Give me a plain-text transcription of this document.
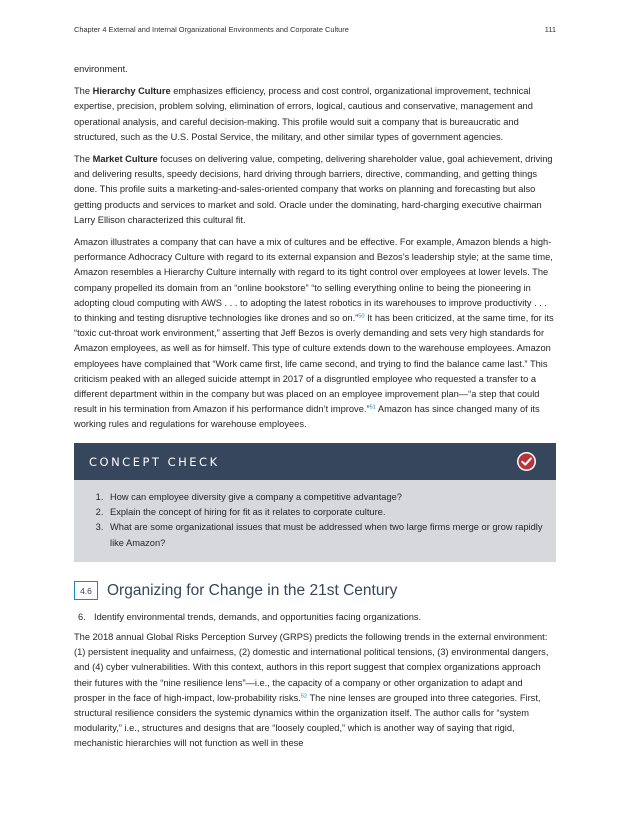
Chapter 4 External and Internal Organizational Environments and Corporate Culture	111

environment.

The Hierarchy Culture emphasizes efficiency, process and cost control, organizational improvement, technical expertise, precision, problem solving, elimination of errors, logical, cautious and conservative, management and operational analysis, and careful decision-making. This profile would suit a company that is bureaucratic and structured, such as the U.S. Postal Service, the military, and other similar types of government agencies.

The Market Culture focuses on delivering value, competing, delivering shareholder value, goal achievement, driving and delivering results, speedy decisions, hard driving through barriers, directive, commanding, and getting things done. This profile suits a marketing-and-sales-oriented company that works on planning and forecasting but also getting products and services to market and sold. Oracle under the dominating, hard-charging executive chairman Larry Ellison characterized this cultural fit.

Amazon illustrates a company that can have a mix of cultures and be effective. For example, Amazon blends a high-performance Adhocracy Culture with regard to its external expansion and Bezos’s leadership style; at the same time, Amazon resembles a Hierarchy Culture internally with regard to its tight control over employees at lower levels. The company propelled its domain from an “online bookstore” “to selling everything online to being the pioneering in adopting cloud computing with AWS . . . to adopting the latest robotics in its warehouses to improve productivity . . . to thinking and testing disruptive technologies like drones and so on.”$^{50}$ It has been criticized, at the same time, for its “toxic cut-throat work environment,” asserting that Jeff Bezos is overly demanding and sets very high standards for Amazon employees, as well as for himself. This type of culture extends down to the warehouse employees. Amazon employees have complained that “Work came first, life came second, and trying to find the balance came last.” This criticism peaked with an alleged suicide attempt in 2017 of a disgruntled employee who requested a transfer to a different department within in the company but was placed on an employee improvement plan—“a step that could result in his termination from Amazon if his performance didn’t improve.”$^{51}$ Amazon has since changed many of its working rules and regulations for warehouse employees.

CONCEPT CHECK
1. How can employee diversity give a company a competitive advantage?
2. Explain the concept of hiring for fit as it relates to corporate culture.
3. What are some organizational issues that must be addressed when two large firms merge or grow rapidly like Amazon?
4.6 Organizing for Change in the 21st Century
6. Identify environmental trends, demands, and opportunities facing organizations.

The 2018 annual Global Risks Perception Survey (GRPS) predicts the following trends in the external environment: (1) persistent inequality and unfairness, (2) domestic and international political tensions, (3) environmental dangers, and (4) cyber vulnerabilities. With this context, authors in this report suggest that complex organizations approach their futures with the “nine resilience lens”—i.e., the capacity of a company or other organization to adapt and prosper in the face of high-impact, low-probability risks.$^{52}$ The nine lenses are grouped into three categories. First, structural resilience considers the systemic dynamics within the organization itself. The author calls for “system modularity,” i.e., structures and designs that are “loosely coupled,” which is another way of saying that rigid, mechanistic hierarchies will not function as well in these
